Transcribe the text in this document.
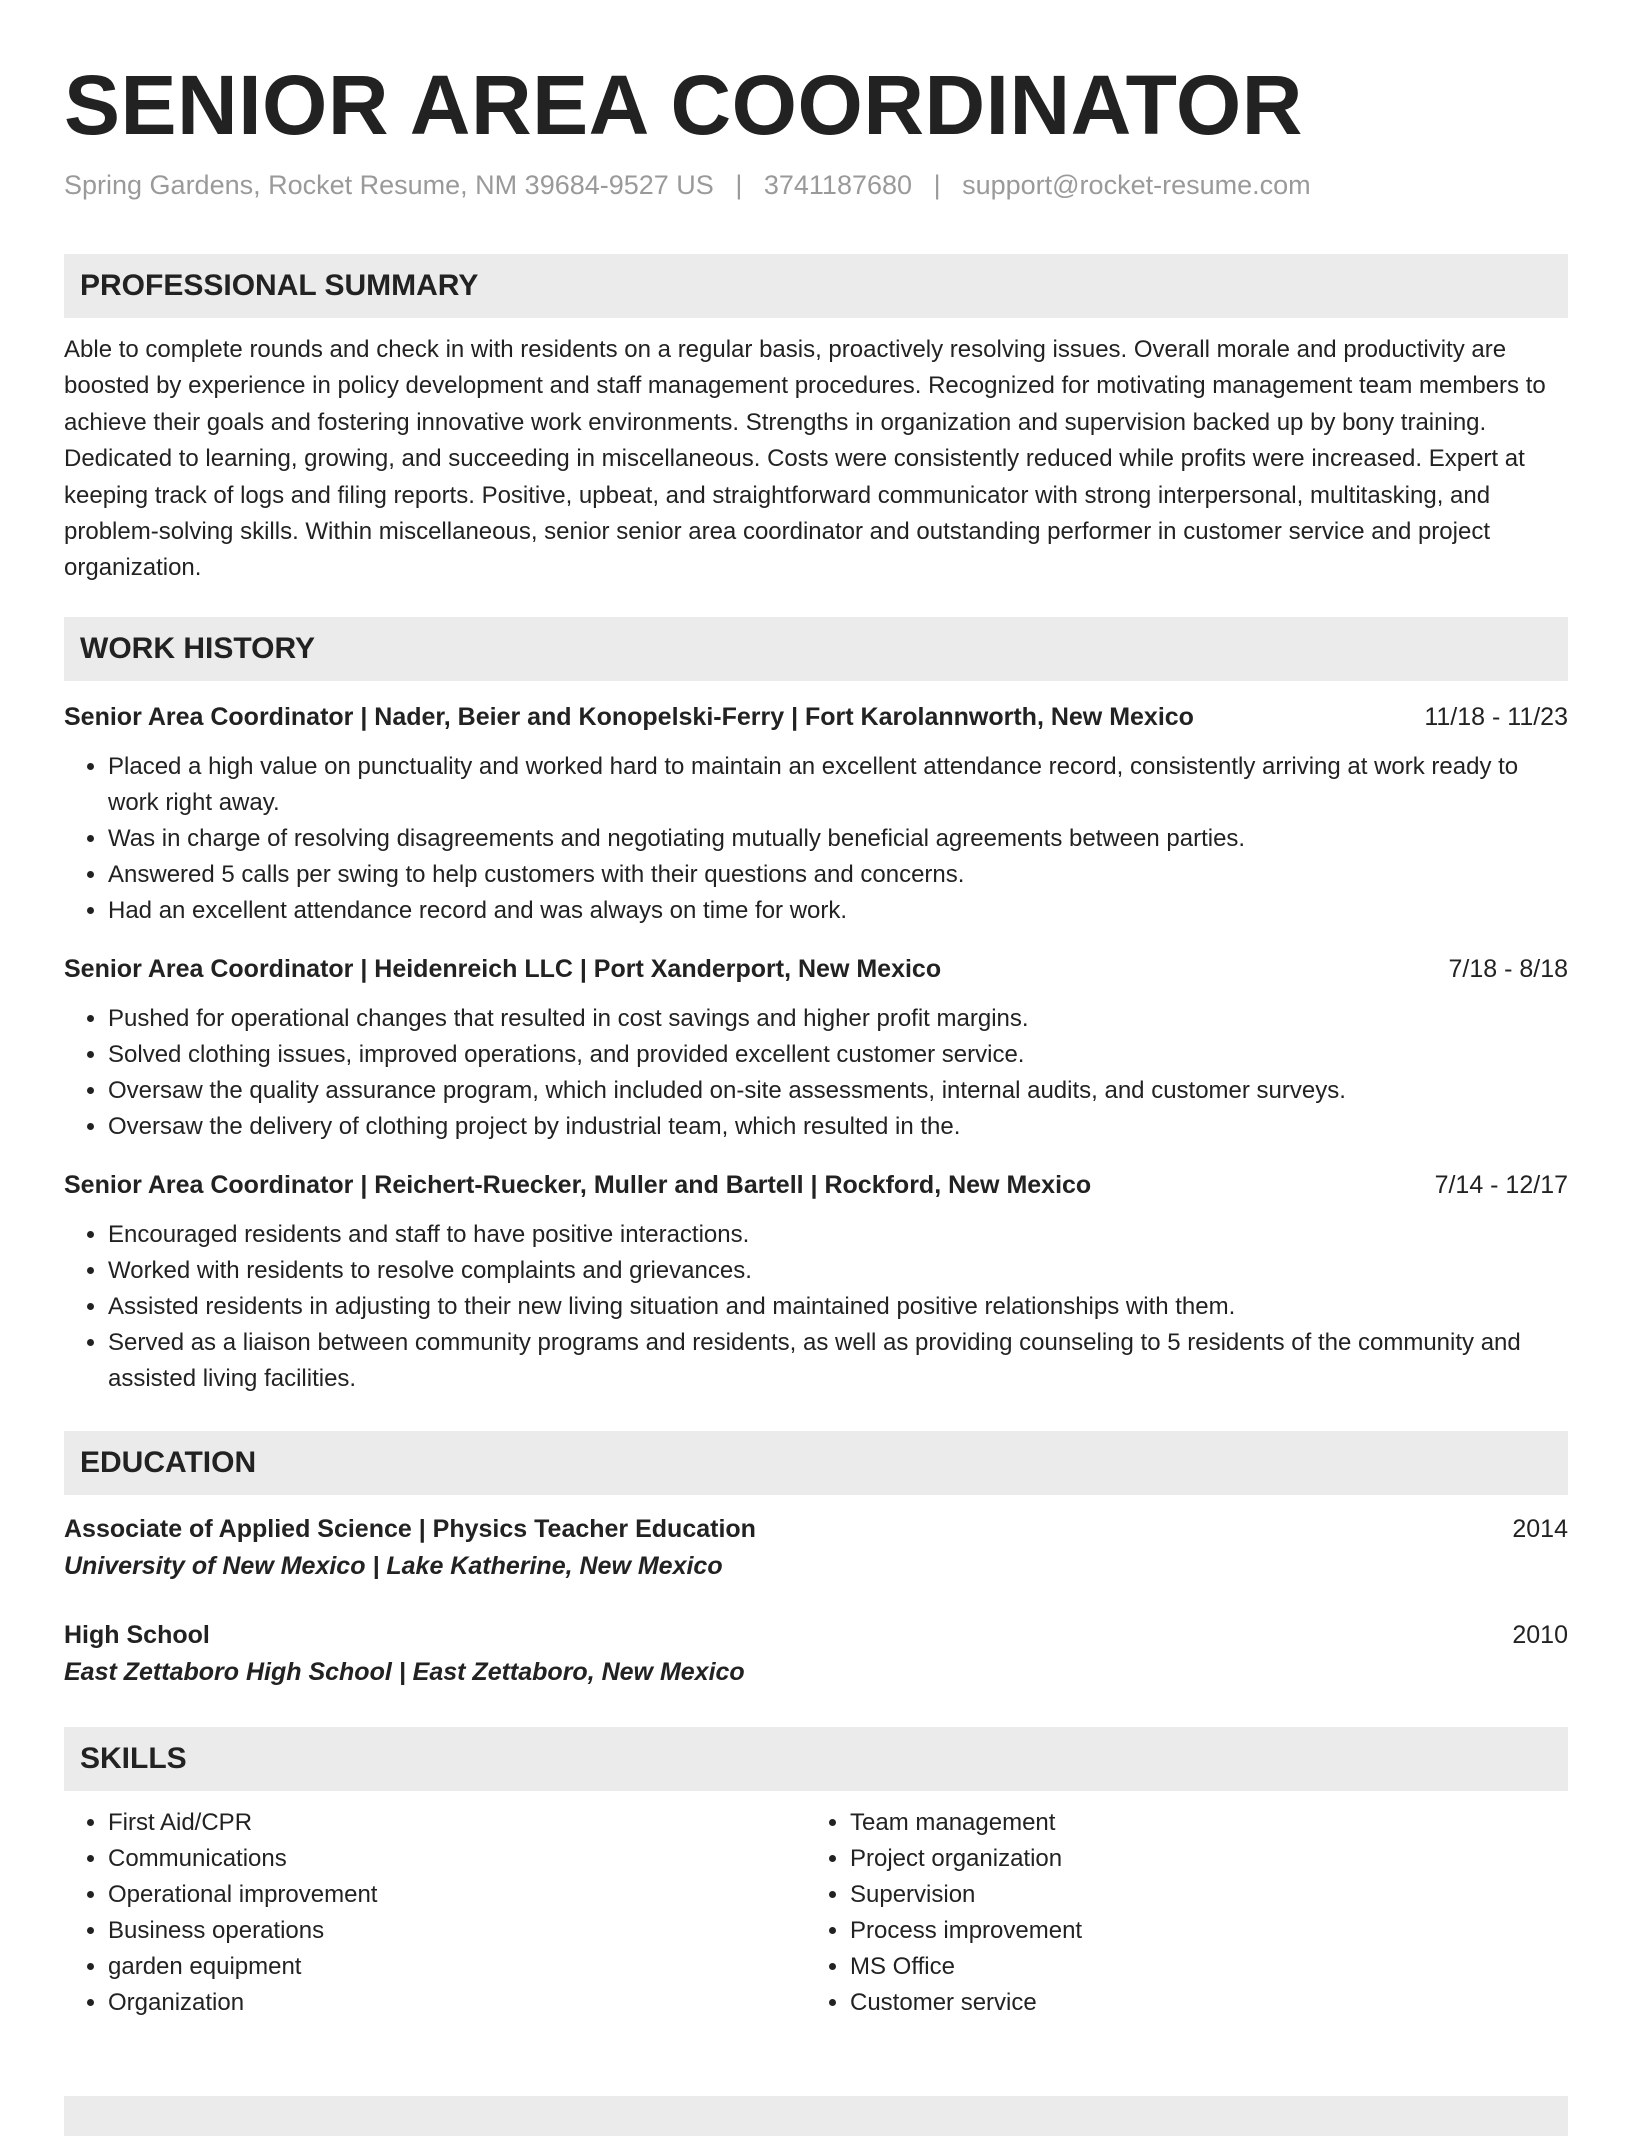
SENIOR AREA COORDINATOR
Spring Gardens, Rocket Resume, NM 39684-9527 US | 3741187680 | support@rocket-resume.com
PROFESSIONAL SUMMARY
Able to complete rounds and check in with residents on a regular basis, proactively resolving issues. Overall morale and productivity are boosted by experience in policy development and staff management procedures. Recognized for motivating management team members to achieve their goals and fostering innovative work environments. Strengths in organization and supervision backed up by bony training. Dedicated to learning, growing, and succeeding in miscellaneous. Costs were consistently reduced while profits were increased. Expert at keeping track of logs and filing reports. Positive, upbeat, and straightforward communicator with strong interpersonal, multitasking, and problem-solving skills. Within miscellaneous, senior senior area coordinator and outstanding performer in customer service and project organization.
WORK HISTORY
Senior Area Coordinator | Nader, Beier and Konopelski-Ferry | Fort Karolannworth, New Mexico	11/18 - 11/23
• Placed a high value on punctuality and worked hard to maintain an excellent attendance record, consistently arriving at work ready to work right away.
• Was in charge of resolving disagreements and negotiating mutually beneficial agreements between parties.
• Answered 5 calls per swing to help customers with their questions and concerns.
• Had an excellent attendance record and was always on time for work.
Senior Area Coordinator | Heidenreich LLC | Port Xanderport, New Mexico	7/18 - 8/18
• Pushed for operational changes that resulted in cost savings and higher profit margins.
• Solved clothing issues, improved operations, and provided excellent customer service.
• Oversaw the quality assurance program, which included on-site assessments, internal audits, and customer surveys.
• Oversaw the delivery of clothing project by industrial team, which resulted in the.
Senior Area Coordinator | Reichert-Ruecker, Muller and Bartell | Rockford, New Mexico	7/14 - 12/17
• Encouraged residents and staff to have positive interactions.
• Worked with residents to resolve complaints and grievances.
• Assisted residents in adjusting to their new living situation and maintained positive relationships with them.
• Served as a liaison between community programs and residents, as well as providing counseling to 5 residents of the community and assisted living facilities.
EDUCATION
Associate of Applied Science | Physics Teacher Education	2014
University of New Mexico | Lake Katherine, New Mexico
High School	2010
East Zettaboro High School | East Zettaboro, New Mexico
SKILLS
• First Aid/CPR
• Communications
• Operational improvement
• Business operations
• garden equipment
• Organization
• Team management
• Project organization
• Supervision
• Process improvement
• MS Office
• Customer service
